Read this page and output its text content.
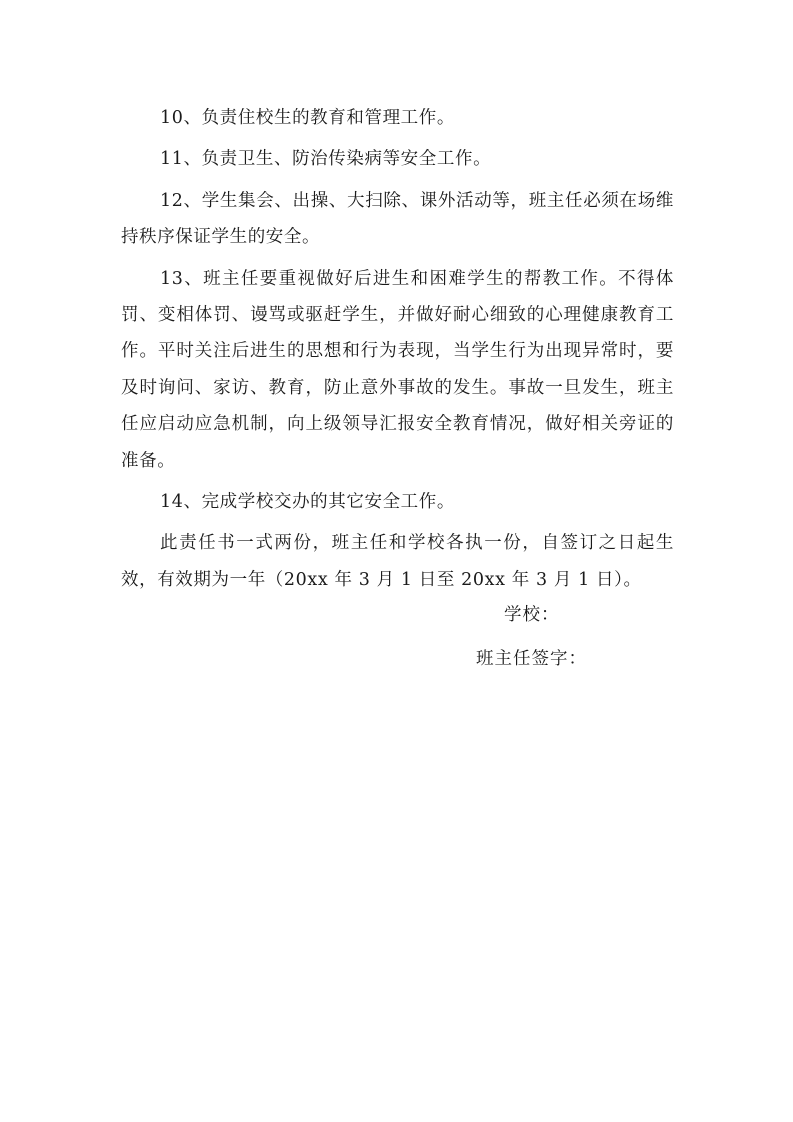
10、负责住校生的教育和管理工作。

11、负责卫生、防治传染病等安全工作。

12、学生集会、出操、大扫除、课外活动等，班主任必须在场维持秩序保证学生的安全。

13、班主任要重视做好后进生和困难学生的帮教工作。不得体罚、变相体罚、谩骂或驱赶学生，并做好耐心细致的心理健康教育工作。平时关注后进生的思想和行为表现，当学生行为出现异常时，要及时询问、家访、教育，防止意外事故的发生。事故一旦发生，班主任应启动应急机制，向上级领导汇报安全教育情况，做好相关旁证的准备。

14、完成学校交办的其它安全工作。

此责任书一式两份，班主任和学校各执一份，自签订之日起生效，有效期为一年（20xx 年 3 月 1 日至 20xx 年 3 月 1 日）。

学校：
班主任签字：
